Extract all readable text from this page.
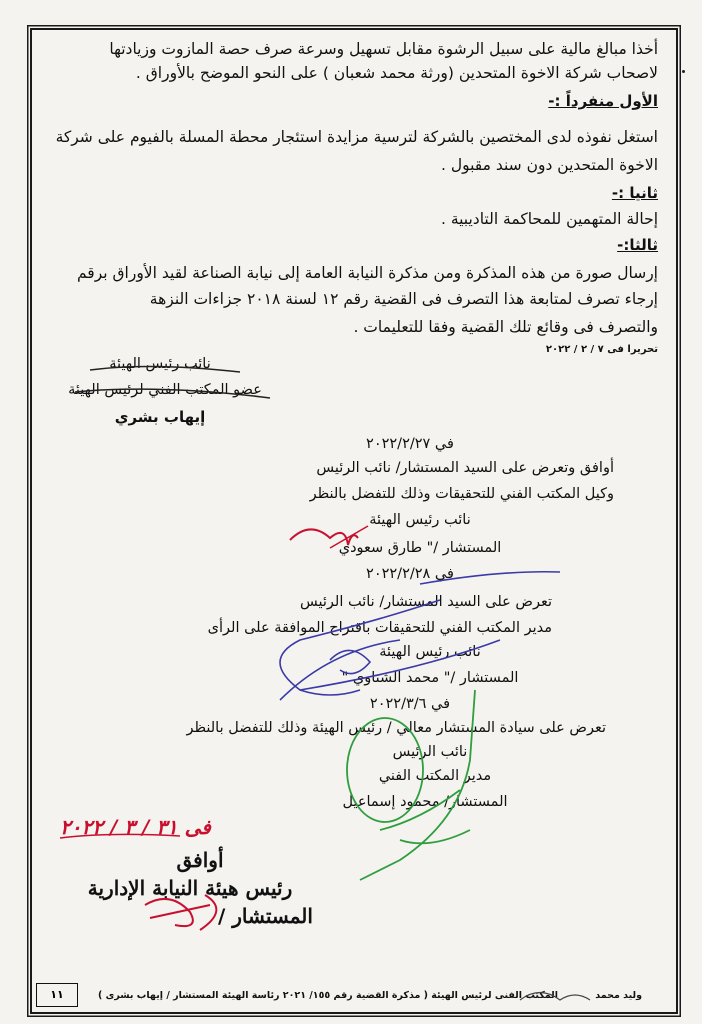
أخذا مبالغ مالية على سبيل الرشوة مقابل تسهيل وسرعة صرف حصة المازوت وزيادتها
لاصحاب شركة الاخوة المتحدين (ورثة محمد شعبان ) على النحو الموضح بالأوراق .
الأول منفرداً :-
استغل نفوذه لدى المختصين بالشركة لترسية مزايدة استئجار محطة المسلة بالفيوم على شركة
الاخوة المتحدين دون سند مقبول .
ثانيا :-
إحالة المتهمين للمحاكمة التاديبية .
ثالثا:-
إرسال صورة من هذه المذكرة ومن مذكرة النيابة العامة إلى نيابة الصناعة لقيد الأوراق برقم
إرجاء تصرف لمتابعة هذا التصرف فى القضية رقم ١٢ لسنة ٢٠١٨ جزاءات النزهة
والتصرف فى وقائع تلك القضية وفقا للتعليمات .
تحريرا فى ٧ / ٢ / ٢٠٢٢
نائب رئيس الهيئة
عضو المكتب الفني لرئيس الهيئة
إيهاب بشري
في ٢٠٢٢/٢/٢٧
أوافق وتعرض على السيد المستشار/ نائب الرئيس
وكيل المكتب الفني للتحقيقات وذلك للتفضل بالنظر
نائب رئيس الهيئة
المستشار /" طارق سعودي
في ٢٠٢٢/٢/٢٨
تعرض على السيد المستشار/ نائب الرئيس
مدير المكتب الفني للتحقيقات باقتراح الموافقة على الرأى
نائب رئيس الهيئة
المستشار /" محمد الشناوي "
في ٢٠٢٢/٣/٦
تعرض على سيادة المستشار معالي / رئيس الهيئة وذلك للتفضل بالنظر
نائب الرئيس
مدير المكتب الفني
المستشار/ محمود إسماعيل
فى ٣١ / ٣ / ٢٠٢٢
أوافق
رئيس هيئة النيابة الإدارية
المستشار /
١١	المكتب الفنى لرئيس الهيئة ( مذكرة القضية رقم ١٥٥/ ٢٠٢١ رئاسة الهيئة المستشار / إيهاب بشرى )	وليد محمد
